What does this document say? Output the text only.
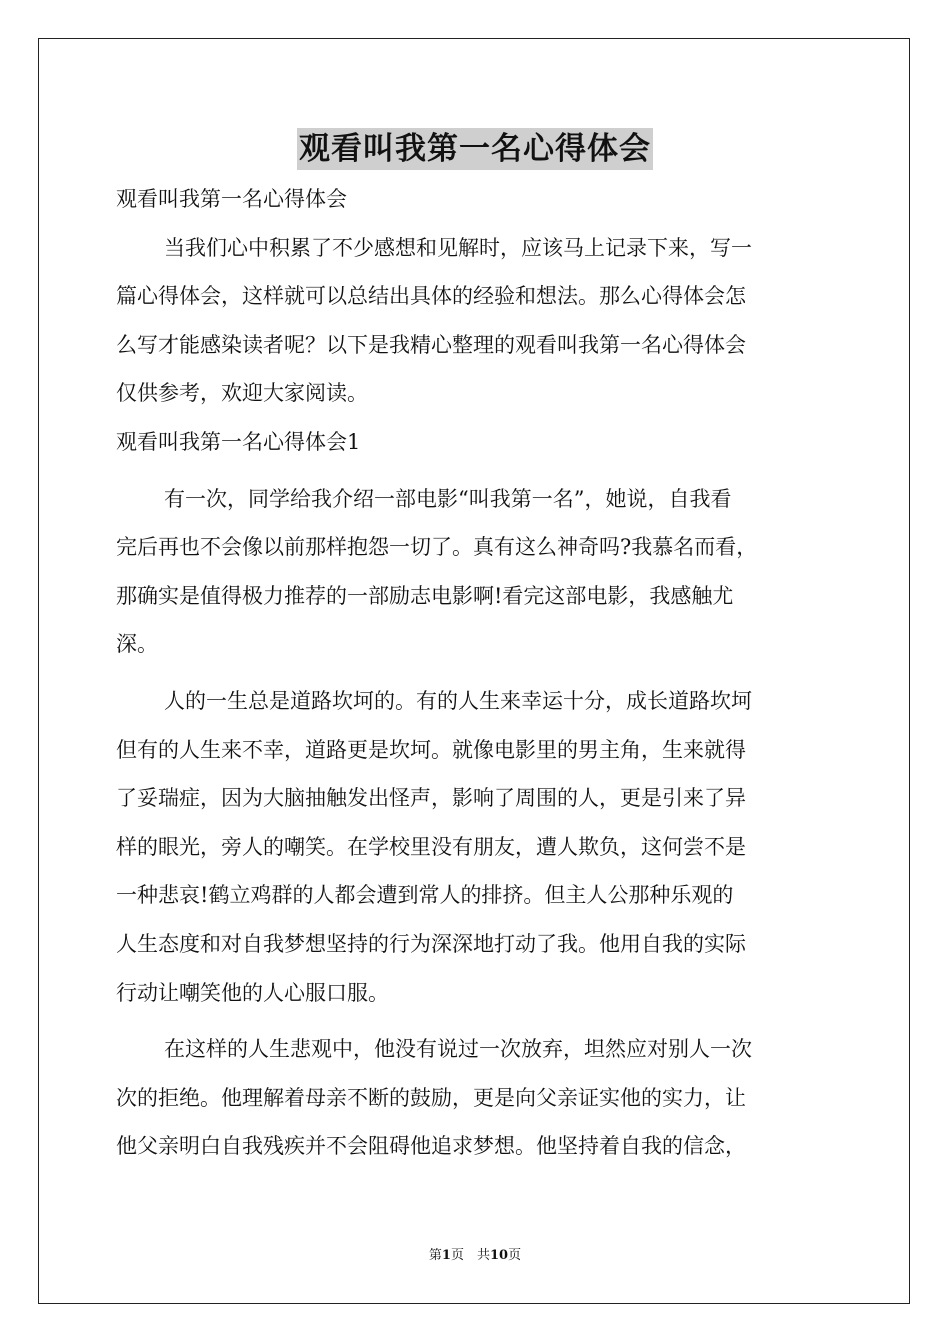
观看叫我第一名心得体会
观看叫我第一名心得体会
当我们心中积累了不少感想和见解时，应该马上记录下来，写一
篇心得体会，这样就可以总结出具体的经验和想法。那么心得体会怎
么写才能感染读者呢？以下是我精心整理的观看叫我第一名心得体会
仅供参考，欢迎大家阅读。
观看叫我第一名心得体会1
有一次，同学给我介绍一部电影“叫我第一名”，她说，自我看
完后再也不会像以前那样抱怨一切了。真有这么神奇吗?我慕名而看，
那确实是值得极力推荐的一部励志电影啊!看完这部电影，我感触尤
深。
人的一生总是道路坎坷的。有的人生来幸运十分，成长道路坎坷
但有的人生来不幸，道路更是坎坷。就像电影里的男主角，生来就得
了妥瑞症，因为大脑抽触发出怪声，影响了周围的人，更是引来了异
样的眼光，旁人的嘲笑。在学校里没有朋友，遭人欺负，这何尝不是
一种悲哀!鹤立鸡群的人都会遭到常人的排挤。但主人公那种乐观的
人生态度和对自我梦想坚持的行为深深地打动了我。他用自我的实际
行动让嘲笑他的人心服口服。
在这样的人生悲观中，他没有说过一次放弃，坦然应对别人一次
次的拒绝。他理解着母亲不断的鼓励，更是向父亲证实他的实力，让
他父亲明白自我残疾并不会阻碍他追求梦想。他坚持着自我的信念，
第1页　共10页
